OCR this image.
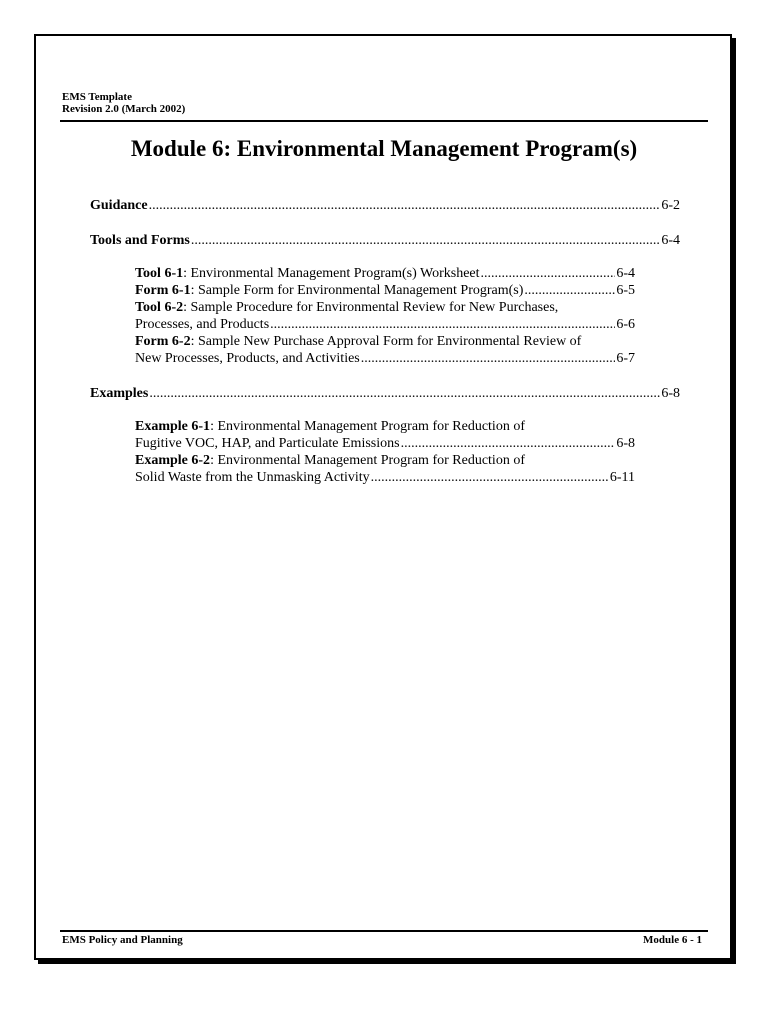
EMS Template
Revision 2.0 (March 2002)
Module 6: Environmental Management Program(s)
Guidance .....	6-2
Tools and Forms .....	6-4
Tool 6-1: Environmental Management Program(s) Worksheet .....	6-4
Form 6-1: Sample Form for Environmental Management Program(s) .....	6-5
Tool 6-2: Sample Procedure for Environmental Review for New Purchases,
Processes, and Products .....	6-6
Form 6-2: Sample New Purchase Approval Form for Environmental Review of
New Processes, Products, and Activities .....	6-7
Examples .....	6-8
Example 6-1: Environmental Management Program for Reduction of
Fugitive VOC, HAP, and Particulate Emissions .....	6-8
Example 6-2: Environmental Management Program for Reduction of
Solid Waste from the Unmasking Activity .....	6-11
EMS Policy and Planning	Module 6 - 1
